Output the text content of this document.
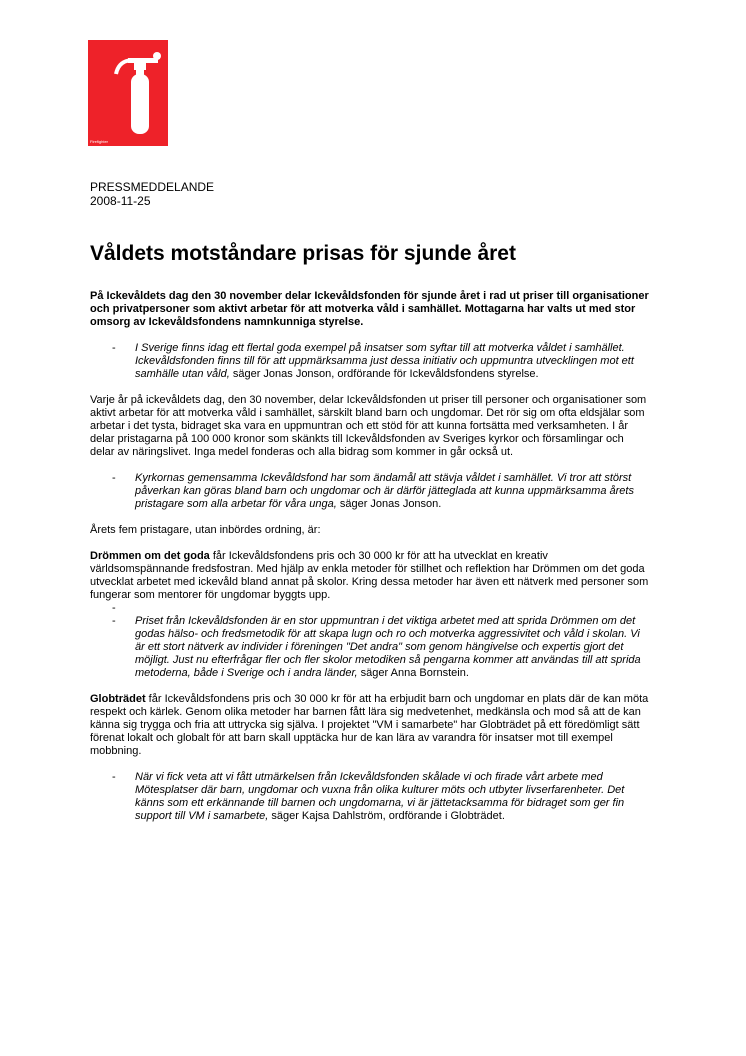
Firefighter
PRESSMEDDELANDE
2008-11-25
Våldets motståndare prisas för sjunde året

På Ickevåldets dag den 30 november delar Ickevåldsfonden för sjunde året i rad ut priser till organisationer och privatpersoner som aktivt arbetar för att motverka våld i samhället. Mottagarna har valts ut med stor omsorg av Ickevåldsfondens namnkunniga styrelse.

- I Sverige finns idag ett flertal goda exempel på insatser som syftar till att motverka våldet i samhället. Ickevåldsfonden finns till för att uppmärksamma just dessa initiativ och uppmuntra utvecklingen mot ett samhälle utan våld, säger Jonas Jonson, ordförande för Ickevåldsfondens styrelse.

Varje år på ickevåldets dag, den 30 november, delar Ickevåldsfonden ut priser till personer och organisationer som aktivt arbetar för att motverka våld i samhället, särskilt bland barn och ungdomar. Det rör sig om ofta eldsjälar som arbetar i det tysta, bidraget ska vara en uppmuntran och ett stöd för att kunna fortsätta med verksamheten. I år delar pristagarna på 100 000 kronor som skänkts till Ickevåldsfonden av Sveriges kyrkor och församlingar och delar av näringslivet. Inga medel fonderas och alla bidrag som kommer in går också ut.

- Kyrkornas gemensamma Ickevåldsfond har som ändamål att stävja våldet i samhället. Vi tror att störst påverkan kan göras bland barn och ungdomar och är därför jätteglada att kunna uppmärksamma årets pristagare som alla arbetar för våra unga, säger Jonas Jonson.

Årets fem pristagare, utan inbördes ordning, är:

Drömmen om det goda får Ickevåldsfondens pris och 30 000 kr för att ha utvecklat en kreativ världsomspännande fredsfostran. Med hjälp av enkla metoder för stillhet och reflektion har Drömmen om det goda utvecklat arbetet med ickevåld bland annat på skolor. Kring dessa metoder har även ett nätverk med personer som fungerar som mentorer för ungdomar byggts upp.

-

- Priset från Ickevåldsfonden är en stor uppmuntran i det viktiga arbetet med att sprida Drömmen om det godas hälso- och fredsmetodik för att skapa lugn och ro och motverka aggressivitet och våld i skolan. Vi är ett stort nätverk av individer i föreningen "Det andra" som genom hängivelse och expertis gjort det möjligt. Just nu efterfrågar fler och fler skolor metodiken så pengarna kommer att användas till att sprida metoderna, både i Sverige och i andra länder, säger Anna Bornstein.

Globträdet får Ickevåldsfondens pris och 30 000 kr för att ha erbjudit barn och ungdomar en plats där de kan möta respekt och kärlek. Genom olika metoder har barnen fått lära sig medvetenhet, medkänsla och mod så att de kan känna sig trygga och fria att uttrycka sig själva. I projektet "VM i samarbete" har Globträdet på ett föredömligt sätt förenat lokalt och globalt för att barn skall upptäcka hur de kan lära av varandra för insatser mot till exempel mobbning.

- När vi fick veta att vi fått utmärkelsen från Ickevåldsfonden skålade vi och firade vårt arbete med Mötesplatser där barn, ungdomar och vuxna från olika kulturer möts och utbyter livserfarenheter. Det känns som ett erkännande till barnen och ungdomarna, vi är jättetacksamma för bidraget som ger fin support till VM i samarbete, säger Kajsa Dahlström, ordförande i Globträdet.
